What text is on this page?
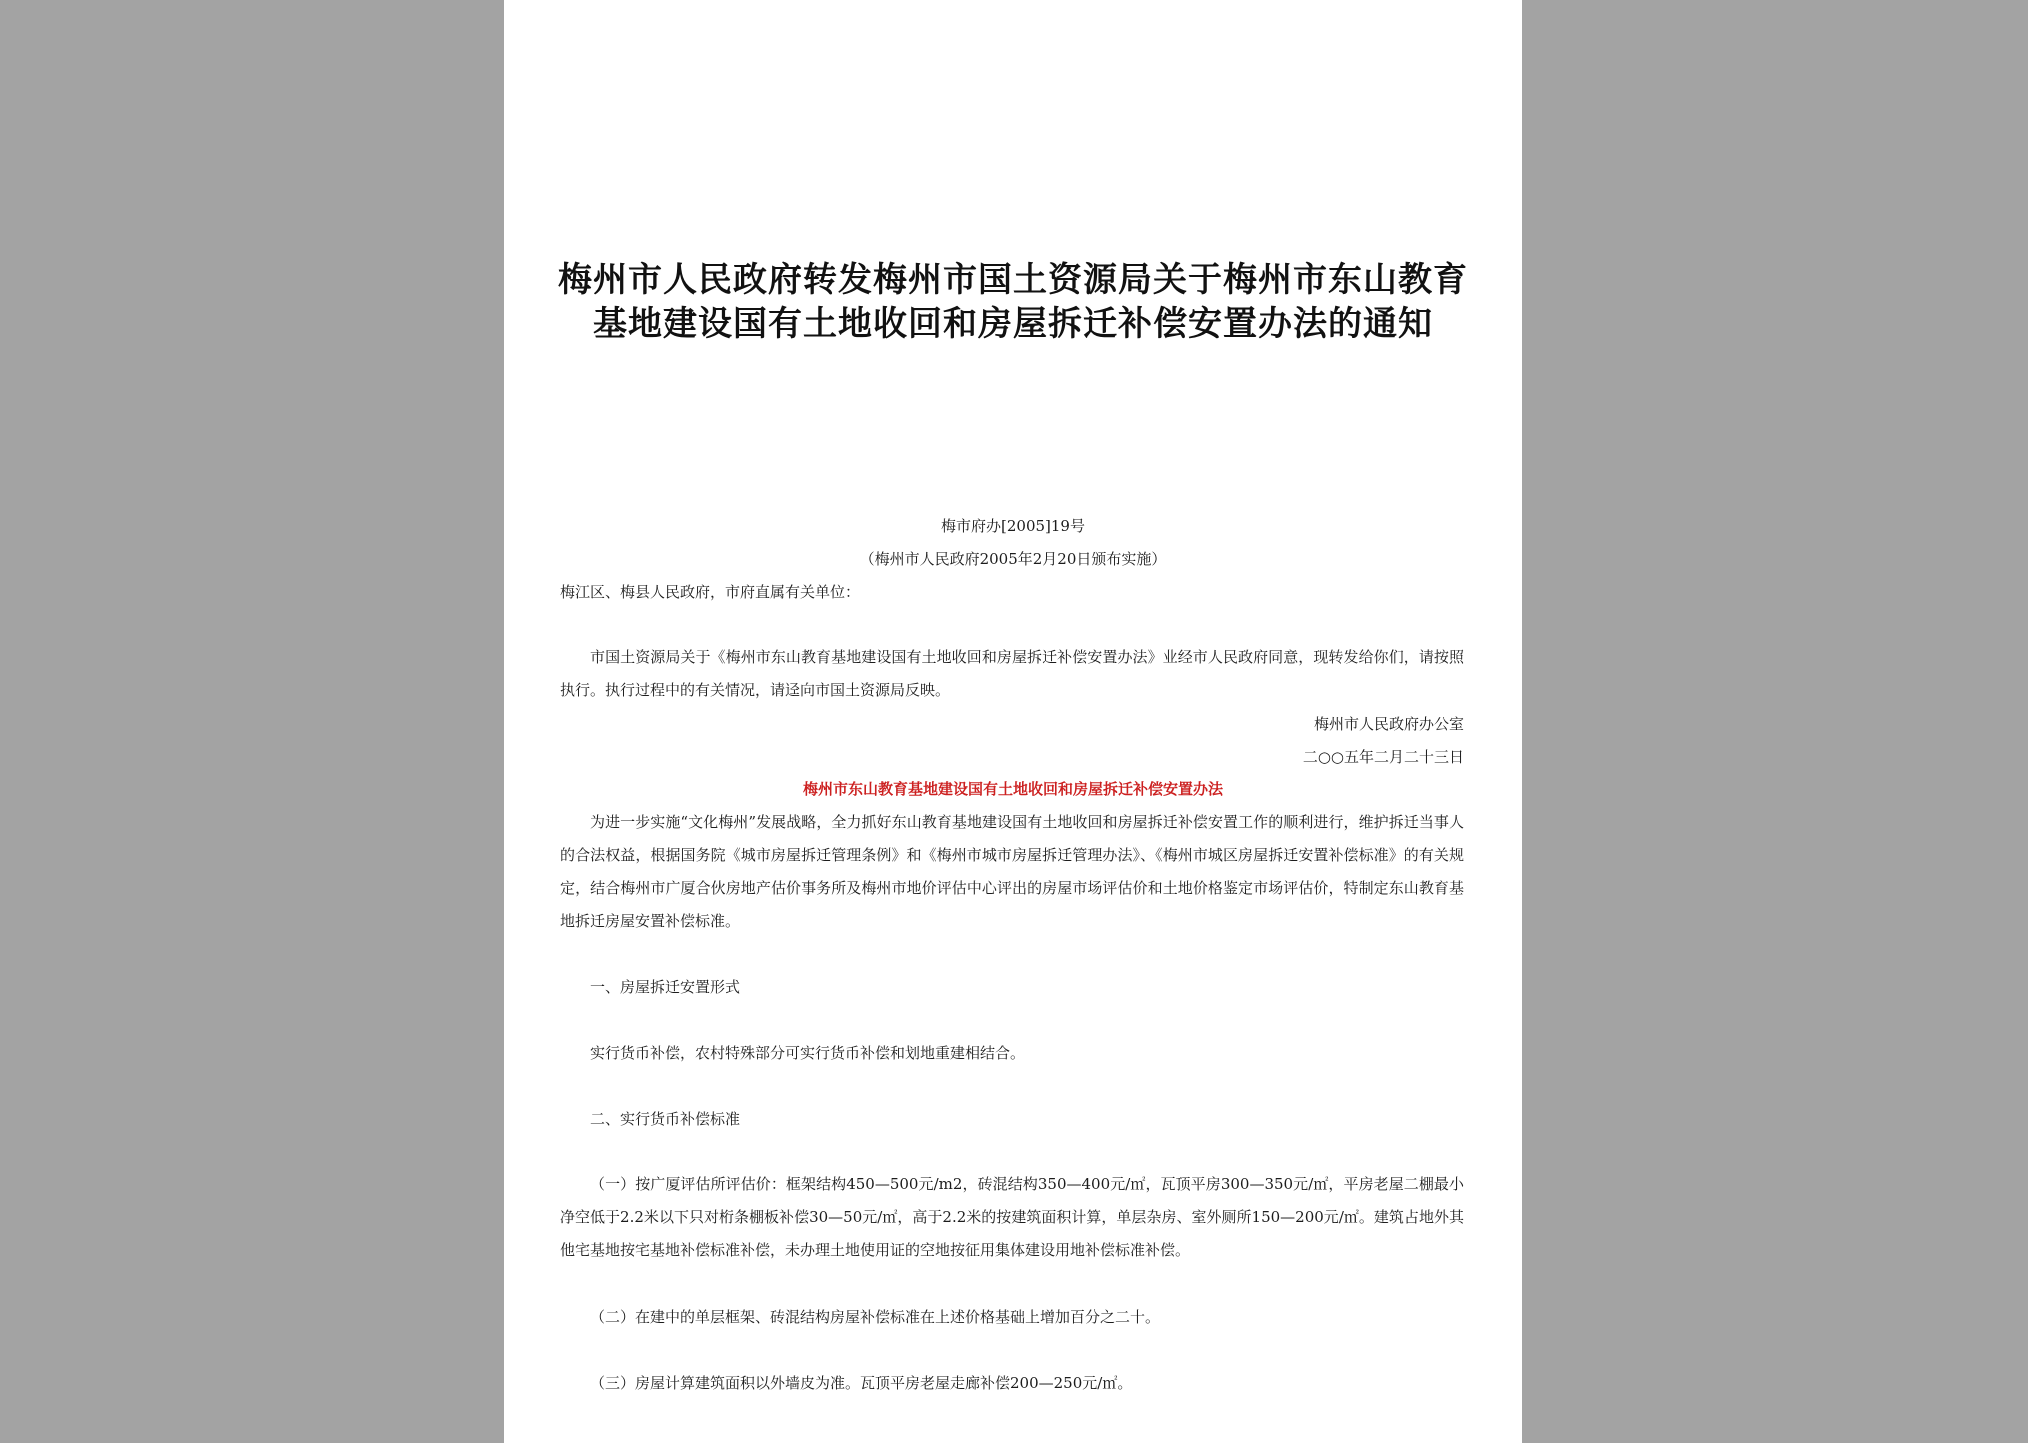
梅州市人民政府转发梅州市国土资源局关于梅州市东山教育基地建设国有土地收回和房屋拆迁补偿安置办法的通知
梅市府办[2005]19号
（梅州市人民政府2005年2月20日颁布实施）
梅江区、梅县人民政府，市府直属有关单位：
市国土资源局关于《梅州市东山教育基地建设国有土地收回和房屋拆迁补偿安置办法》业经市人民政府同意，现转发给你们，请按照执行。执行过程中的有关情况，请迳向市国土资源局反映。
梅州市人民政府办公室
二○○五年二月二十三日
梅州市东山教育基地建设国有土地收回和房屋拆迁补偿安置办法
为进一步实施“文化梅州”发展战略，全力抓好东山教育基地建设国有土地收回和房屋拆迁补偿安置工作的顺利进行，维护拆迁当事人的合法权益，根据国务院《城市房屋拆迁管理条例》和《梅州市城市房屋拆迁管理办法》、《梅州市城区房屋拆迁安置补偿标准》的有关规定，结合梅州市广厦合伙房地产估价事务所及梅州市地价评估中心评出的房屋市场评估价和土地价格鉴定市场评估价，特制定东山教育基地拆迁房屋安置补偿标准。
一、房屋拆迁安置形式
实行货币补偿，农村特殊部分可实行货币补偿和划地重建相结合。
二、实行货币补偿标准
（一）按广厦评估所评估价：框架结构450—500元/m2，砖混结构350—400元/㎡，瓦顶平房300—350元/㎡，平房老屋二棚最小净空低于2.2米以下只对桁条棚板补偿30—50元/㎡，高于2.2米的按建筑面积计算，单层杂房、室外厕所150—200元/㎡。建筑占地外其他宅基地按宅基地补偿标准补偿，未办理土地使用证的空地按征用集体建设用地补偿标准补偿。
（二）在建中的单层框架、砖混结构房屋补偿标准在上述价格基础上增加百分之二十。
（三）房屋计算建筑面积以外墙皮为准。瓦顶平房老屋走廊补偿200—250元/㎡。
